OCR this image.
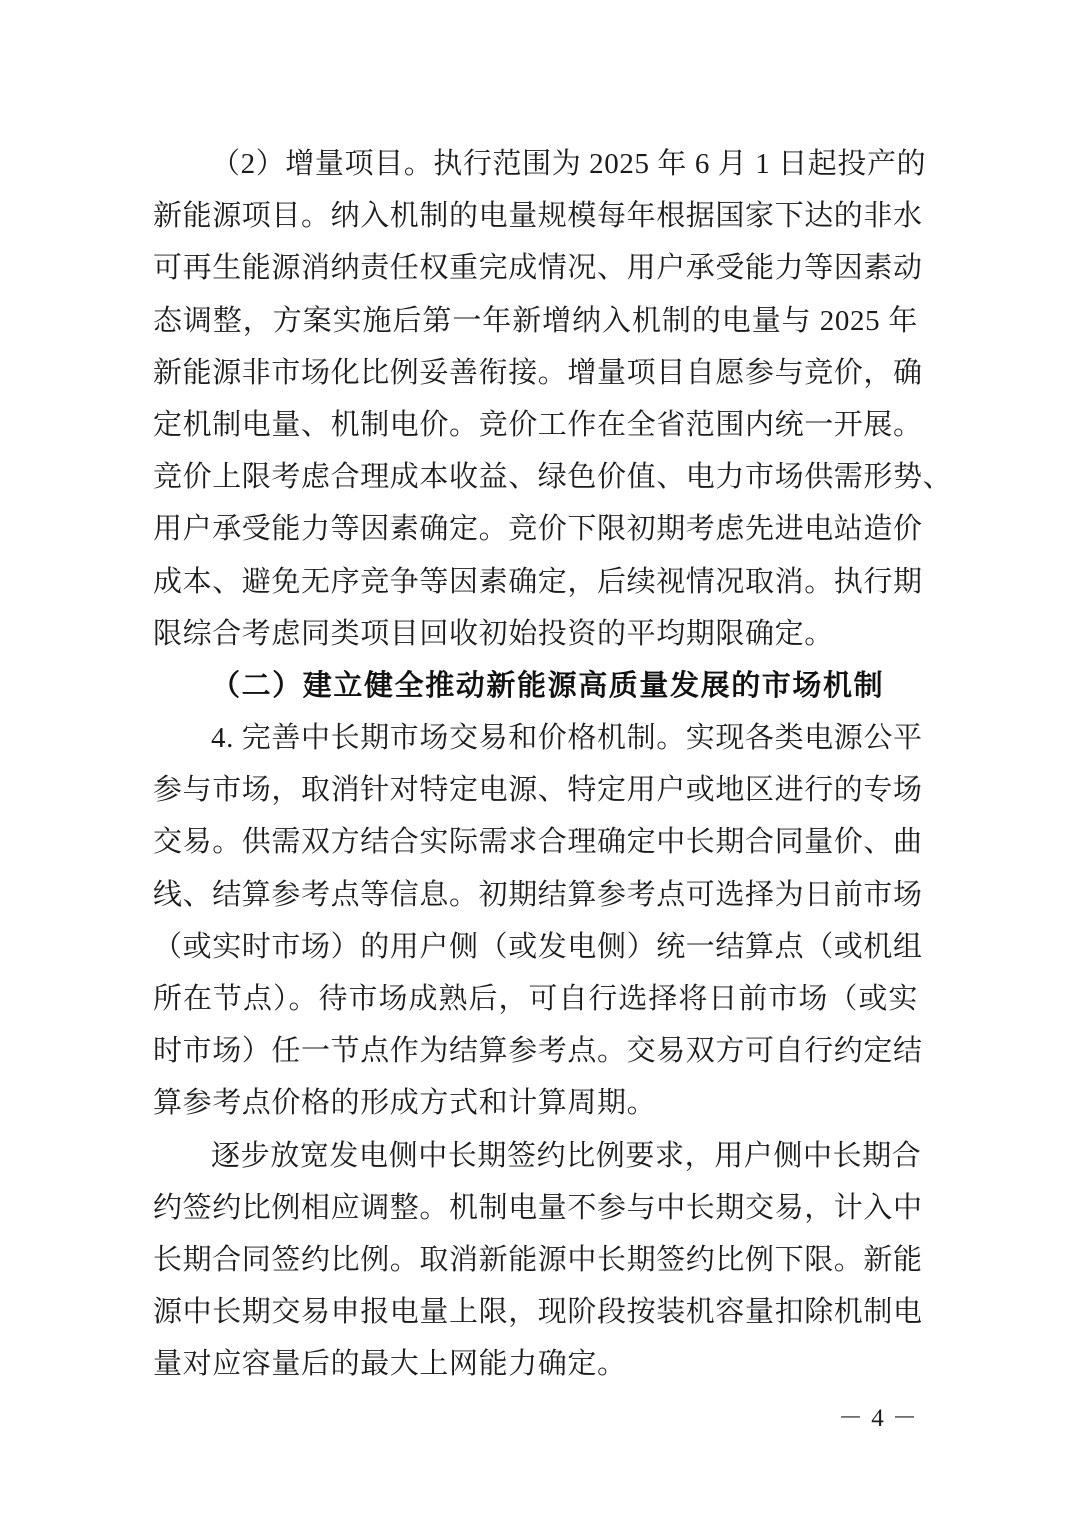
（2）增量项目。执行范围为 2025 年 6 月 1 日起投产的
新能源项目。纳入机制的电量规模每年根据国家下达的非水
可再生能源消纳责任权重完成情况、用户承受能力等因素动
态调整，方案实施后第一年新增纳入机制的电量与 2025 年
新能源非市场化比例妥善衔接。增量项目自愿参与竞价，确
定机制电量、机制电价。竞价工作在全省范围内统一开展。
竞价上限考虑合理成本收益、绿色价值、电力市场供需形势、
用户承受能力等因素确定。竞价下限初期考虑先进电站造价
成本、避免无序竞争等因素确定，后续视情况取消。执行期
限综合考虑同类项目回收初始投资的平均期限确定。
（二）建立健全推动新能源高质量发展的市场机制
4. 完善中长期市场交易和价格机制。实现各类电源公平
参与市场，取消针对特定电源、特定用户或地区进行的专场
交易。供需双方结合实际需求合理确定中长期合同量价、曲
线、结算参考点等信息。初期结算参考点可选择为日前市场
（或实时市场）的用户侧（或发电侧）统一结算点（或机组
所在节点）。待市场成熟后，可自行选择将日前市场（或实
时市场）任一节点作为结算参考点。交易双方可自行约定结
算参考点价格的形成方式和计算周期。
逐步放宽发电侧中长期签约比例要求，用户侧中长期合
约签约比例相应调整。机制电量不参与中长期交易，计入中
长期合同签约比例。取消新能源中长期签约比例下限。新能
源中长期交易申报电量上限，现阶段按装机容量扣除机制电
量对应容量后的最大上网能力确定。
－ 4 －
